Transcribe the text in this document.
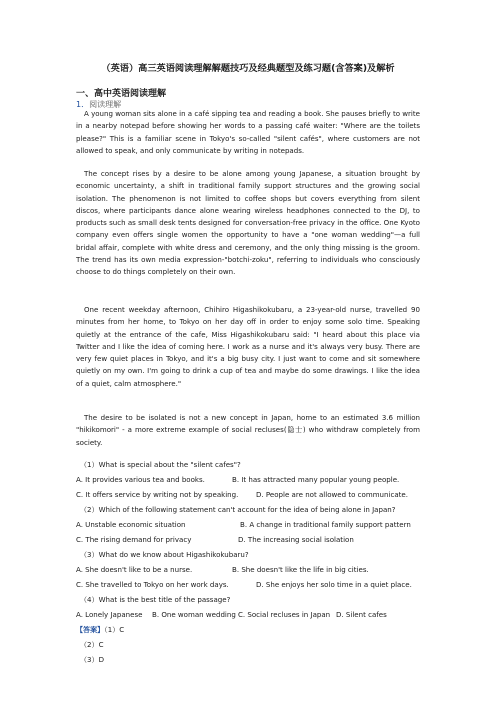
（英语）高三英语阅读理解解题技巧及经典题型及练习题(含答案)及解析
一、高中英语阅读理解
1．阅读理解

A young woman sits alone in a café sipping tea and reading a book. She pauses briefly to write in a nearby notepad before showing her words to a passing café waiter: "Where are the toilets please?" This is a familiar scene in Tokyo's so-called "silent cafés", where customers are not allowed to speak, and only communicate by writing in notepads.

The concept rises by a desire to be alone among young Japanese, a situation brought by economic uncertainty, a shift in traditional family support structures and the growing social isolation. The phenomenon is not limited to coffee shops but covers everything from silent discos, where participants dance alone wearing wireless headphones connected to the DJ, to products such as small desk tents designed for conversation-free privacy in the office. One Kyoto company even offers single women the opportunity to have a "one woman wedding"—a full bridal affair, complete with white dress and ceremony, and the only thing missing is the groom. The trend has its own media expression-"botchi-zoku", referring to individuals who consciously choose to do things completely on their own.

One recent weekday afternoon, Chihiro Higashikokubaru, a 23-year-old nurse, travelled 90 minutes from her home, to Tokyo on her day off in order to enjoy some solo time. Speaking quietly at the entrance of the cafe, Miss Higashikokubaru said: "I heard about this place via Twitter and I like the idea of coming here. I work as a nurse and it's always very busy. There are very few quiet places in Tokyo, and it's a big busy city. I just want to come and sit somewhere quietly on my own. I'm going to drink a cup of tea and maybe do some drawings. I like the idea of a quiet, calm atmosphere."

The desire to be isolated is not a new concept in Japan, home to an estimated 3.6 million "hikikomori" - a more extreme example of social recluses(隐士) who withdraw completely from society.

（1）What is special about the "silent cafes"?
A. It provides various tea and books.	B. It has attracted many popular young people.
C. It offers service by writing not by speaking.	D. People are not allowed to communicate.
（2）Which of the following statement can't account for the idea of being alone in Japan?
A. Unstable economic situation	B. A change in traditional family support pattern
C. The rising demand for privacy	D. The increasing social isolation
（3）What do we know about Higashikokubaru?
A. She doesn't like to be a nurse.	B. She doesn't like the life in big cities.
C. She travelled to Tokyo on her work days.	D. She enjoys her solo time in a quiet place.
（4）What is the best title of the passage?
A. Lonely Japanese B. One woman wedding C. Social recluses in Japan D. Silent cafes
【答案】（1）C
（2）C
（3）D
